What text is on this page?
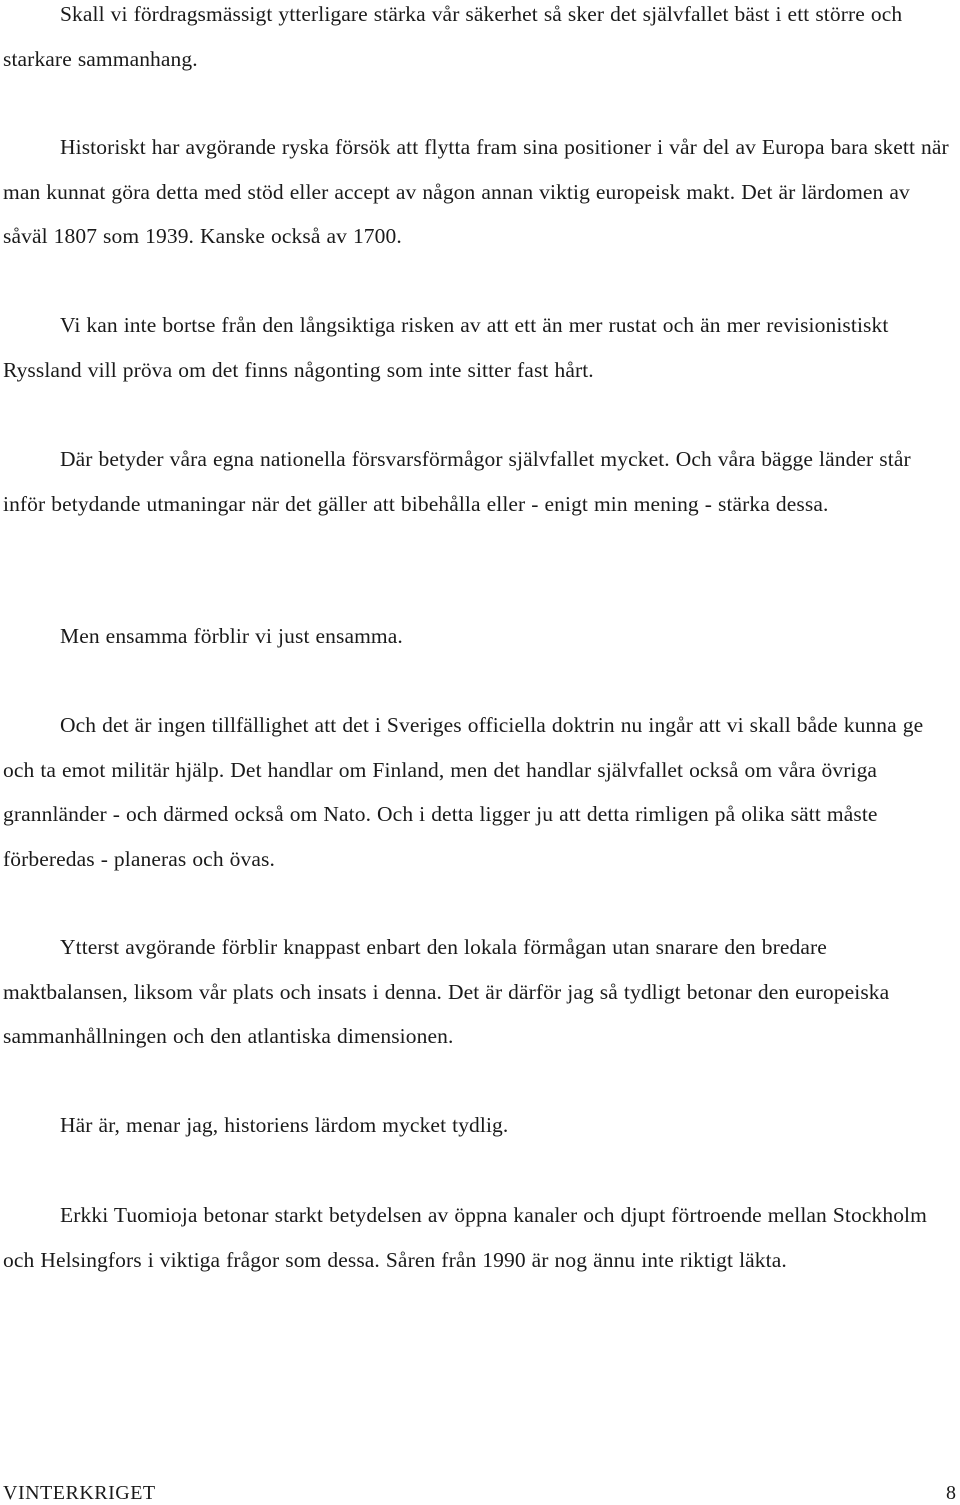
Skall vi fördragsmässigt ytterligare stärka vår säkerhet så sker det självfallet bäst i ett större och starkare sammanhang.

Historiskt har avgörande ryska försök att flytta fram sina positioner i vår del av Europa bara skett när man kunnat göra detta med stöd eller accept av någon annan viktig europeisk makt. Det är lärdomen av såväl 1807 som 1939. Kanske också av 1700.

Vi kan inte bortse från den långsiktiga risken av att ett än mer rustat och än mer revisionistiskt Ryssland vill pröva om det finns någonting som inte sitter fast hårt.

Där betyder våra egna nationella försvarsförmågor självfallet mycket. Och våra bägge länder står inför betydande utmaningar när det gäller att bibehålla eller - enigt min mening - stärka dessa.

Men ensamma förblir vi just ensamma.

Och det är ingen tillfällighet att det i Sveriges officiella doktrin nu ingår att vi skall både kunna ge och ta emot militär hjälp. Det handlar om Finland, men det handlar självfallet också om våra övriga grannländer - och därmed också om Nato. Och i detta ligger ju att detta rimligen på olika sätt måste förberedas - planeras och övas.

Ytterst avgörande förblir knappast enbart den lokala förmågan utan snarare den bredare maktbalansen, liksom vår plats och insats i denna. Det är därför jag så tydligt betonar den europeiska sammanhållningen och den atlantiska dimensionen.

Här är, menar jag, historiens lärdom mycket tydlig.

Erkki Tuomioja betonar starkt betydelsen av öppna kanaler och djupt förtroende mellan Stockholm och Helsingfors i viktiga frågor som dessa. Såren från 1990 är nog ännu inte riktigt läkta.

VINTERKRIGET	8
